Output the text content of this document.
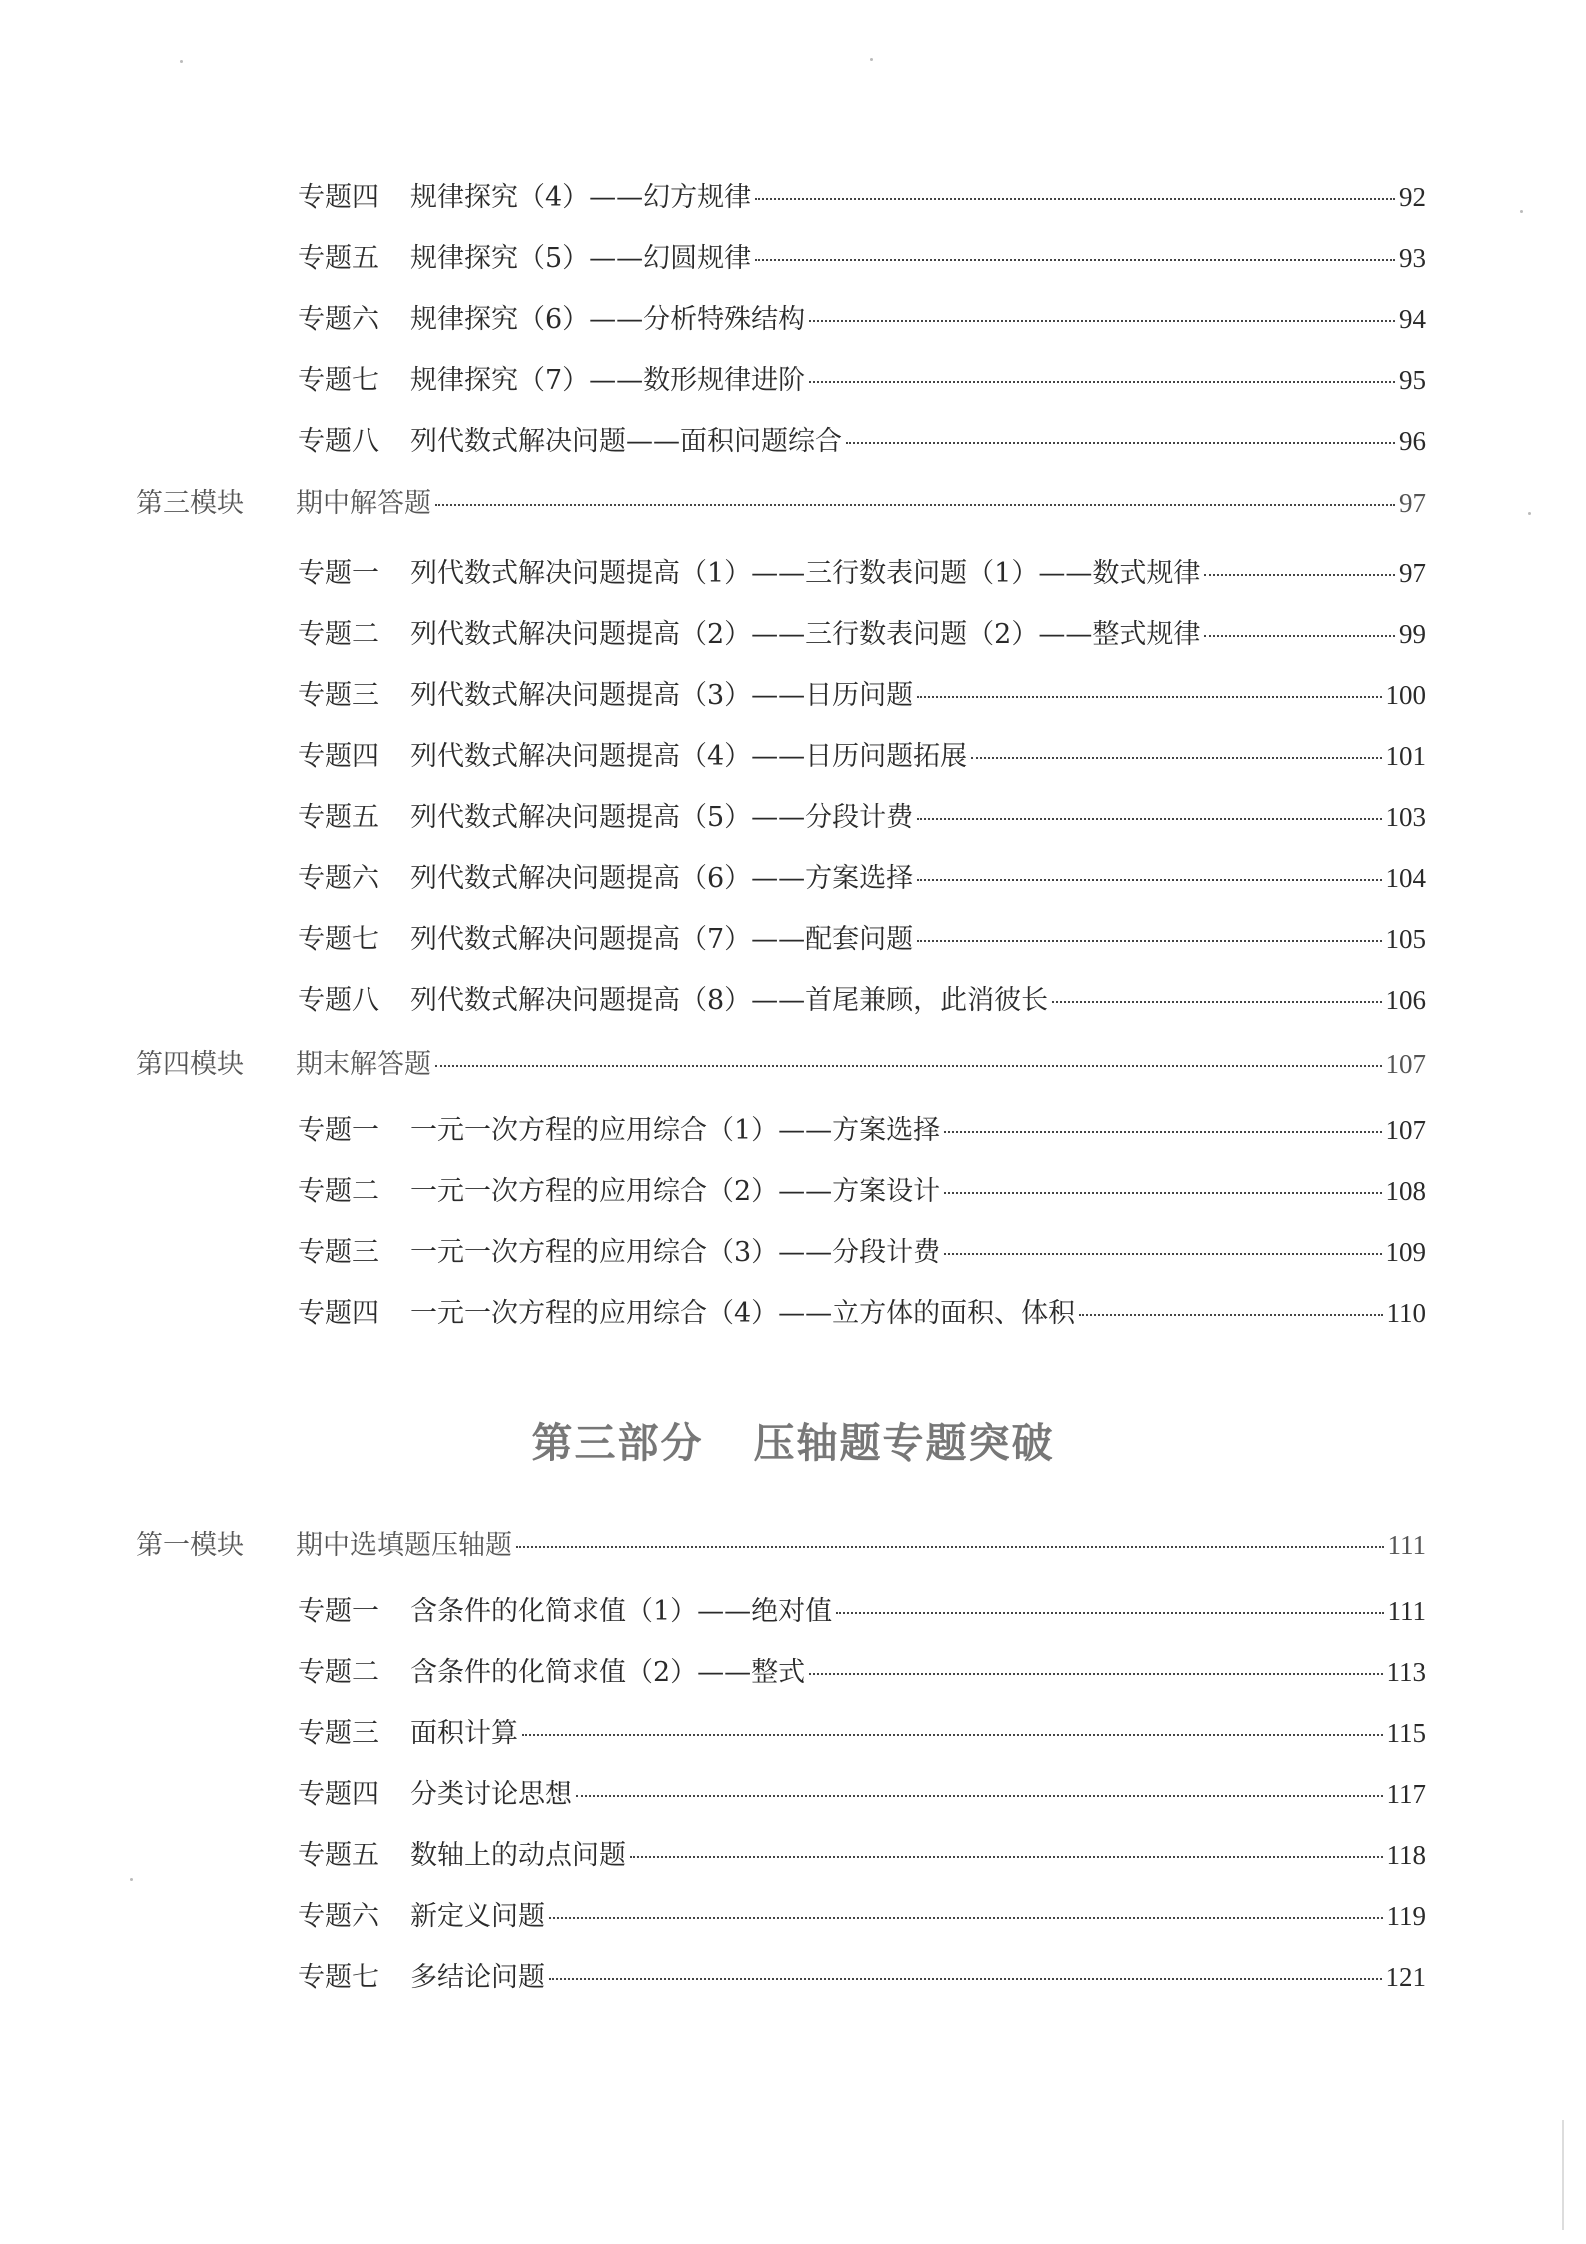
专题四	规律探究（4）——幻方规律	92
专题五	规律探究（5）——幻圆规律	93
专题六	规律探究（6）——分析特殊结构	94
专题七	规律探究（7）——数形规律进阶	95
专题八	列代数式解决问题——面积问题综合	96
第三模块	期中解答题	97
专题一	列代数式解决问题提高（1）——三行数表问题（1）——数式规律	97
专题二	列代数式解决问题提高（2）——三行数表问题（2）——整式规律	99
专题三	列代数式解决问题提高（3）——日历问题	100
专题四	列代数式解决问题提高（4）——日历问题拓展	101
专题五	列代数式解决问题提高（5）——分段计费	103
专题六	列代数式解决问题提高（6）——方案选择	104
专题七	列代数式解决问题提高（7）——配套问题	105
专题八	列代数式解决问题提高（8）——首尾兼顾，此消彼长	106
第四模块	期末解答题	107
专题一	一元一次方程的应用综合（1）——方案选择	107
专题二	一元一次方程的应用综合（2）——方案设计	108
专题三	一元一次方程的应用综合（3）——分段计费	109
专题四	一元一次方程的应用综合（4）——立方体的面积、体积	110
第三部分 压轴题专题突破
第一模块	期中选填题压轴题	111
专题一	含条件的化简求值（1）——绝对值	111
专题二	含条件的化简求值（2）——整式	113
专题三	面积计算	115
专题四	分类讨论思想	117
专题五	数轴上的动点问题	118
专题六	新定义问题	119
专题七	多结论问题	121
